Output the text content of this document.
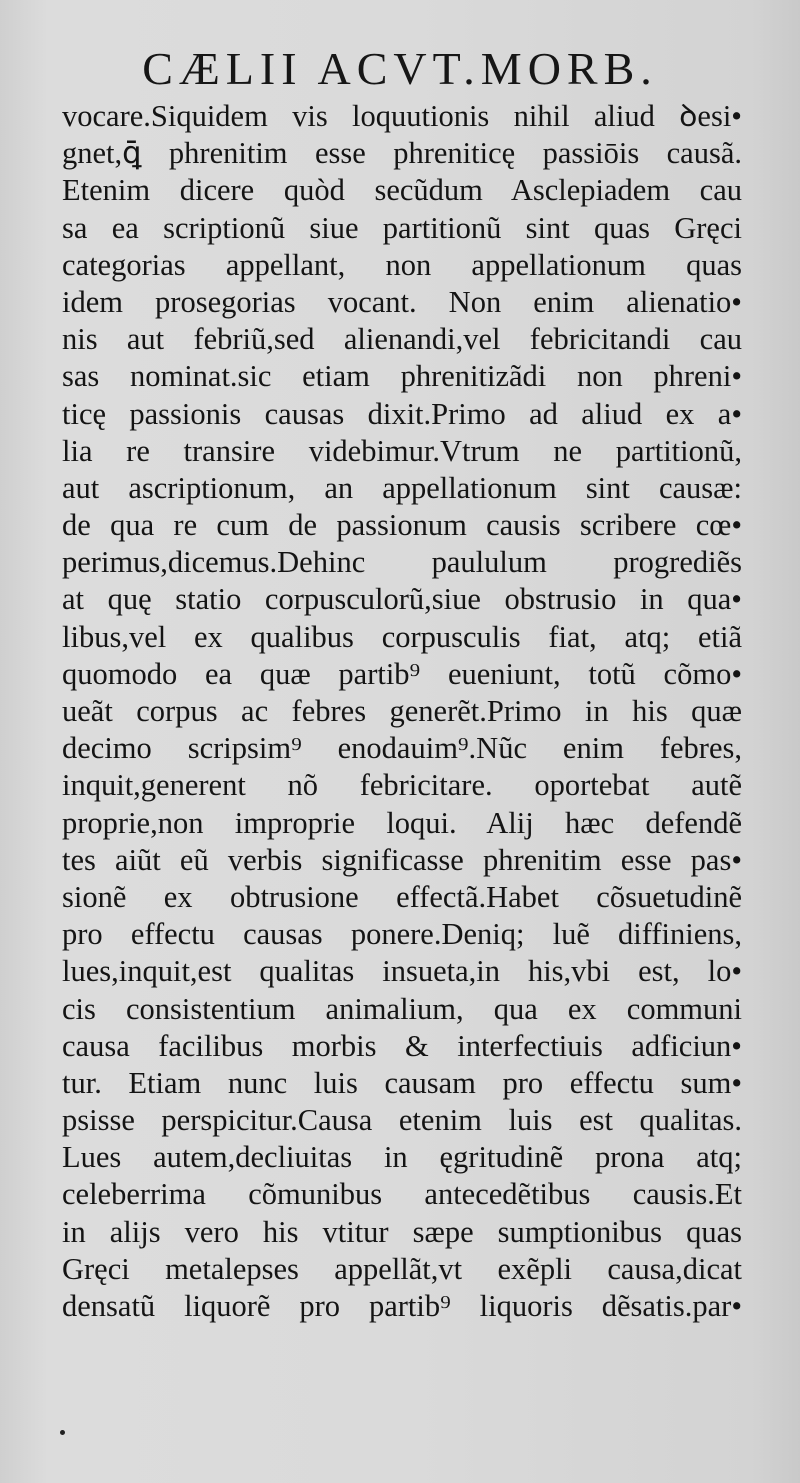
CÆLII ACVT.MORB.
vocare.Siquidem vis loquutionis nihil aliud ꝺesi•
gnet,ꝗ̄ phrenitim esse phreniticę passiōis causã.
Etenim dicere quòd secũdum Asclepiadem cau
sa ea scriptionũ siue partitionũ sint quas Gręci
categorias appellant, non appellationum quas
idem prosegorias vocant. Non enim alienatio•
nis aut febriũ,sed alienandi,vel febricitandi cau
sas nominat.sic etiam phrenitizãdi non phreni•
ticę passionis causas dixit.Primo ad aliud ex a•
lia re transire videbimur.Vtrum ne partitionũ,
aut ascriptionum, an appellationum sint causæ:
de qua re cum de passionum causis scribere cœ•
perimus,dicemus.Dehinc paululum progrediẽs
at quę statio corpusculorũ,siue obstrusio in qua•
libus,vel ex qualibus corpusculis fiat, atq; etiã
quomodo ea quæ partib⁹ eueniunt, totũ cõmo•
ueãt corpus ac febres generẽt.Primo in his quæ
decimo scripsim⁹ enodauim⁹.Nũc enim febres,
inquit,generent nõ febricitare. oportebat autẽ
proprie,non improprie loqui. Alij hæc defendẽ
tes aiũt eũ verbis significasse phrenitim esse pas•
sionẽ ex obtrusione effectã.Habet cõsuetudinẽ
pro effectu causas ponere.Deniq; luẽ diffiniens,
lues,inquit,est qualitas insueta,in his,vbi est, lo•
cis consistentium animalium, qua ex communi
causa facilibus morbis & interfectiuis adficiun•
tur. Etiam nunc luis causam pro effectu sum•
psisse perspicitur.Causa etenim luis est qualitas.
Lues autem,decliuitas in ęgritudinẽ prona atq;
celeberrima cõmunibus antecedẽtibus causis.Et
in alijs vero his vtitur sæpe sumptionibus quas
Gręci metalepses appellãt,vt exẽpli causa,dicat
densatũ liquorẽ pro partib⁹ liquoris dẽsatis.par•
